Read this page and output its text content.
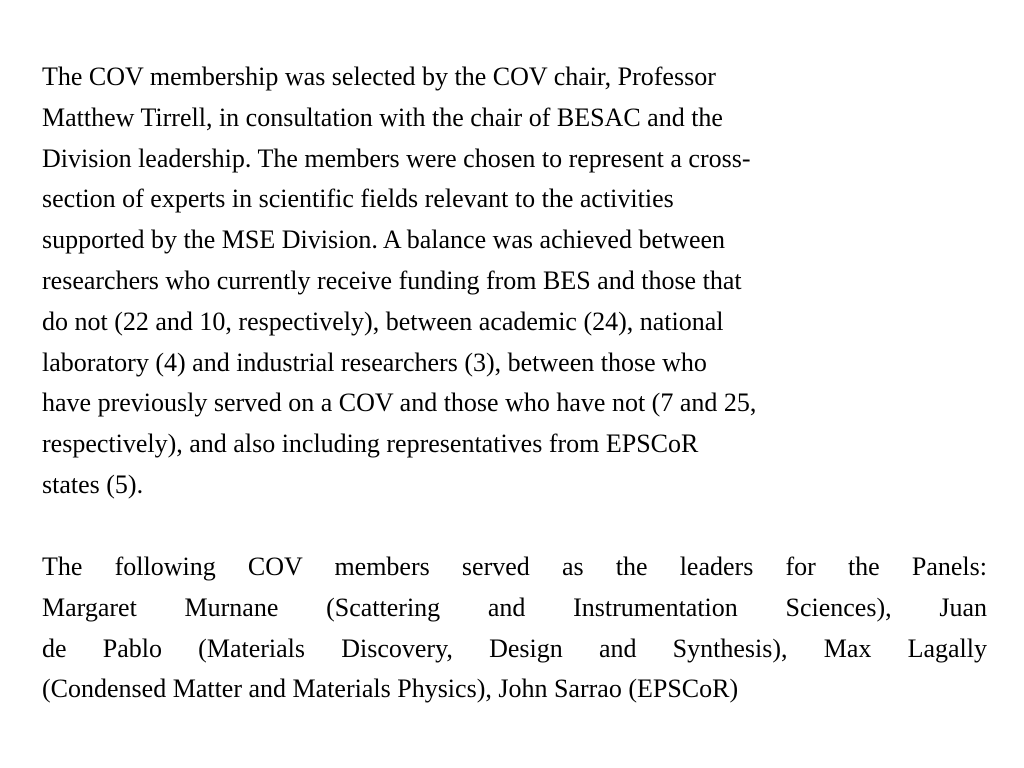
The COV membership was selected by the COV chair, Professor
Matthew Tirrell, in consultation with the chair of BESAC and the
Division leadership. The members were chosen to represent a cross-
section of experts in scientific fields relevant to the activities
supported by the MSE Division. A balance was achieved between
researchers who currently receive funding from BES and those that
do not (22 and 10, respectively), between academic (24), national
laboratory (4) and industrial researchers (3), between those who
have previously served on a COV and those who have not (7 and 25,
respectively), and also including representatives from EPSCoR
states (5).

The following COV members served as the leaders for the Panels:
Margaret Murnane (Scattering and Instrumentation Sciences), Juan
de Pablo (Materials Discovery, Design and Synthesis), Max Lagally
(Condensed Matter and Materials Physics), John Sarrao (EPSCoR)
